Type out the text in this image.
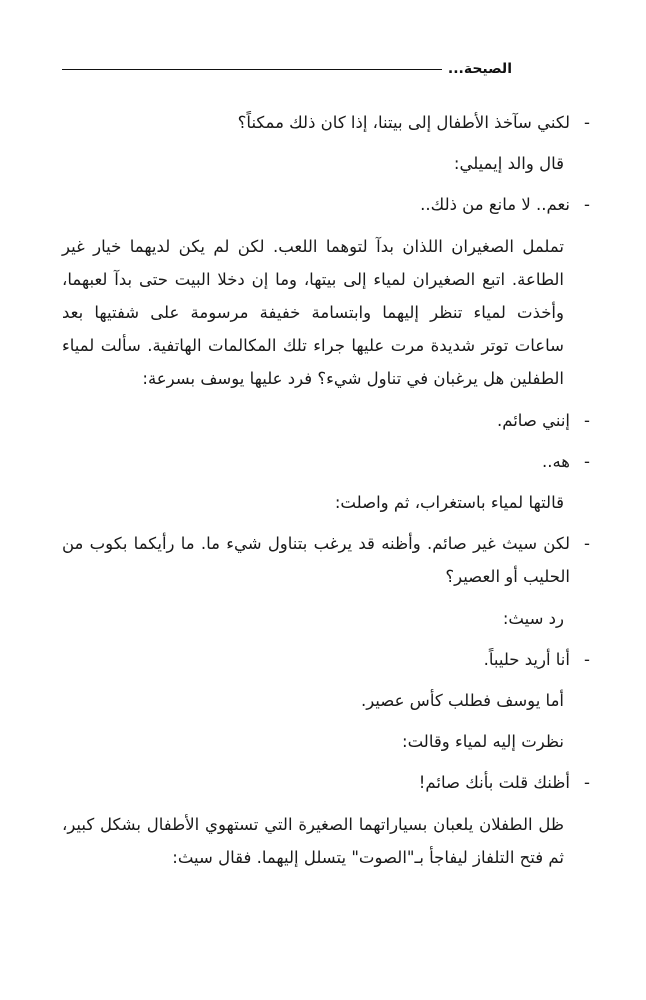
الصيحة...

- لكني سآخذ الأطفال إلى بيتنا، إذا كان ذلك ممكناً؟

قال والد إيميلي:

- نعم.. لا مانع من ذلك..

تململ الصغيران اللذان بدآ لتوهما اللعب. لكن لم يكن لديهما خيار غير الطاعة. اتبع الصغيران لمياء إلى بيتها، وما إن دخلا البيت حتى بدآ لعبهما، وأخذت لمياء تنظر إليهما وابتسامة خفيفة مرسومة على شفتيها بعد ساعات توتر شديدة مرت عليها جراء تلك المكالمات الهاتفية. سألت لمياء الطفلين هل يرغبان في تناول شيء؟ فرد عليها يوسف بسرعة:

- إنني صائم.

- هه..

قالتها لمياء باستغراب، ثم واصلت:

- لكن سيث غير صائم. وأظنه قد يرغب بتناول شيء ما. ما رأيكما بكوب من الحليب أو العصير؟

رد سيث:

- أنا أريد حليباً.

أما يوسف فطلب كأس عصير.

نظرت إليه لمياء وقالت:

- أظنك قلت بأنك صائم!

ظل الطفلان يلعبان بسياراتهما الصغيرة التي تستهوي الأطفال بشكل كبير، ثم فتح التلفاز ليفاجأ بـ"الصوت" يتسلل إليهما. فقال سيث:
